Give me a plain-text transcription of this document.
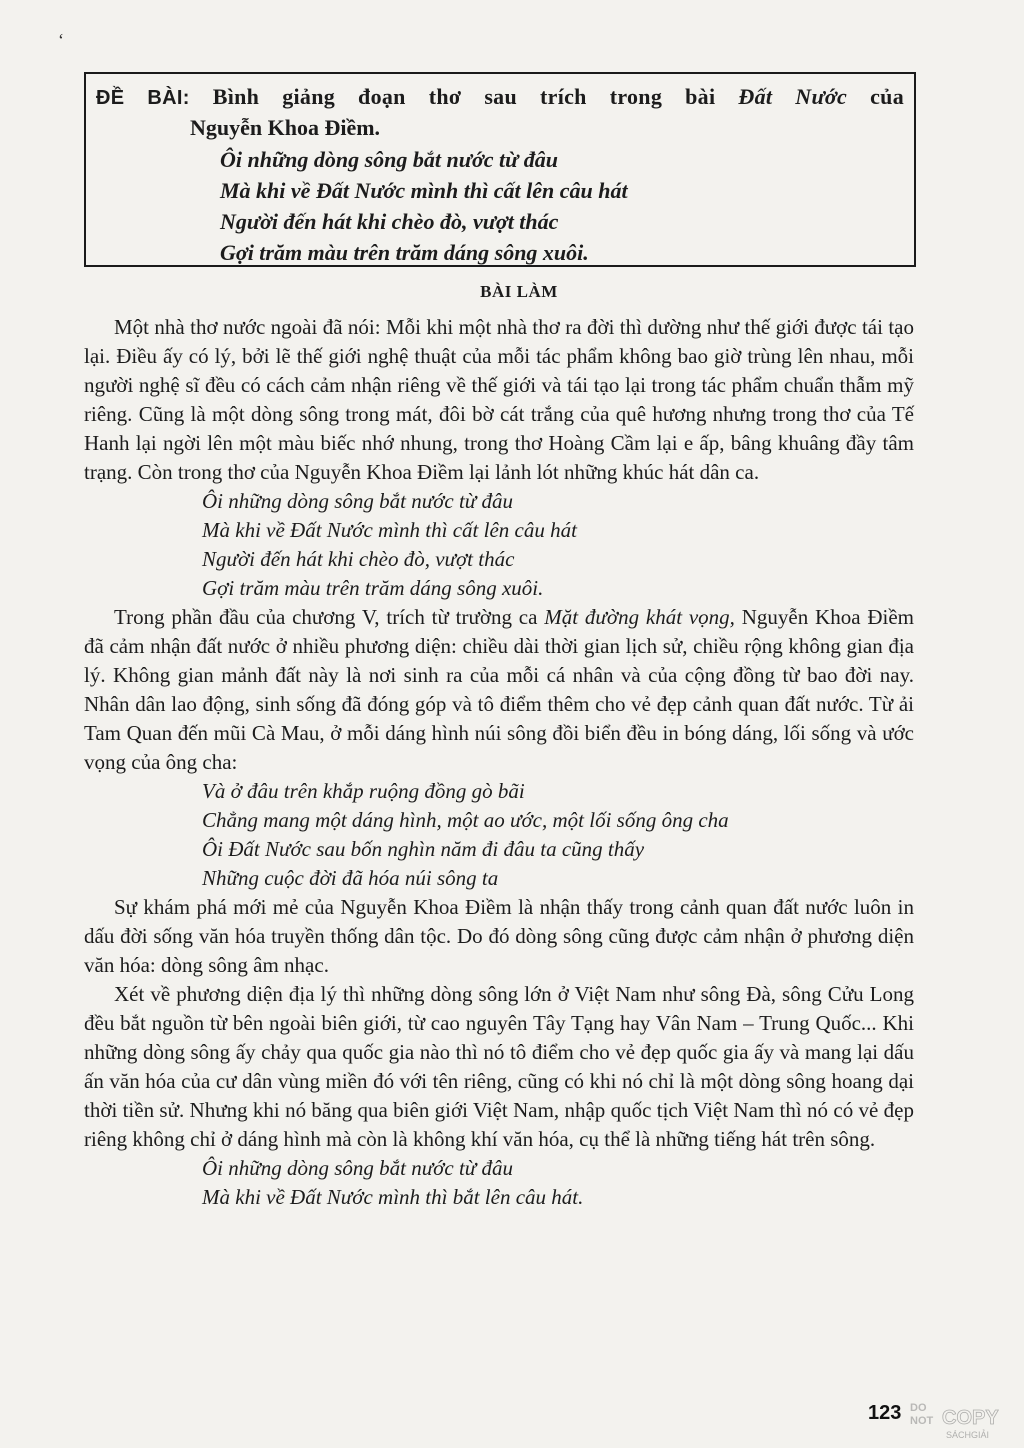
ʻ
ĐỀ BÀI: Bình giảng đoạn thơ sau trích trong bài Đất Nước của
Nguyễn Khoa Điềm.
Ôi những dòng sông bắt nước từ đâu
Mà khi về Đất Nước mình thì cất lên câu hát
Người đến hát khi chèo đò, vượt thác
Gợi trăm màu trên trăm dáng sông xuôi.
BÀI LÀM

Một nhà thơ nước ngoài đã nói: Mỗi khi một nhà thơ ra đời thì dường như thế giới được tái tạo lại. Điều ấy có lý, bởi lẽ thế giới nghệ thuật của mỗi tác phẩm không bao giờ trùng lên nhau, mỗi người nghệ sĩ đều có cách cảm nhận riêng về thế giới và tái tạo lại trong tác phẩm chuẩn thẫm mỹ riêng. Cũng là một dòng sông trong mát, đôi bờ cát trắng của quê hương nhưng trong thơ của Tế Hanh lại ngời lên một màu biếc nhớ nhung, trong thơ Hoàng Cầm lại e ấp, bâng khuâng đầy tâm trạng. Còn trong thơ của Nguyễn Khoa Điềm lại lảnh lót những khúc hát dân ca.

Ôi những dòng sông bắt nước từ đâu
Mà khi về Đất Nước mình thì cất lên câu hát
Người đến hát khi chèo đò, vượt thác
Gợi trăm màu trên trăm dáng sông xuôi.

Trong phần đầu của chương V, trích từ trường ca Mặt đường khát vọng, Nguyễn Khoa Điềm đã cảm nhận đất nước ở nhiều phương diện: chiều dài thời gian lịch sử, chiều rộng không gian địa lý. Không gian mảnh đất này là nơi sinh ra của mỗi cá nhân và của cộng đồng từ bao đời nay. Nhân dân lao động, sinh sống đã đóng góp và tô điểm thêm cho vẻ đẹp cảnh quan đất nước. Từ ải Tam Quan đến mũi Cà Mau, ở mỗi dáng hình núi sông đồi biển đều in bóng dáng, lối sống và ước vọng của ông cha:

Và ở đâu trên khắp ruộng đồng gò bãi
Chẳng mang một dáng hình, một ao ước, một lối sống ông cha
Ôi Đất Nước sau bốn nghìn năm đi đâu ta cũng thấy
Những cuộc đời đã hóa núi sông ta

Sự khám phá mới mẻ của Nguyễn Khoa Điềm là nhận thấy trong cảnh quan đất nước luôn in dấu đời sống văn hóa truyền thống dân tộc. Do đó dòng sông cũng được cảm nhận ở phương diện văn hóa: dòng sông âm nhạc.

Xét về phương diện địa lý thì những dòng sông lớn ở Việt Nam như sông Đà, sông Cửu Long đều bắt nguồn từ bên ngoài biên giới, từ cao nguyên Tây Tạng hay Vân Nam – Trung Quốc... Khi những dòng sông ấy chảy qua quốc gia nào thì nó tô điểm cho vẻ đẹp quốc gia ấy và mang lại dấu ấn văn hóa của cư dân vùng miền đó với tên riêng, cũng có khi nó chỉ là một dòng sông hoang dại thời tiền sử. Nhưng khi nó băng qua biên giới Việt Nam, nhập quốc tịch Việt Nam thì nó có vẻ đẹp riêng không chỉ ở dáng hình mà còn là không khí văn hóa, cụ thể là những tiếng hát trên sông.

Ôi những dòng sông bắt nước từ đâu
Mà khi về Đất Nước mình thì bắt lên câu hát.
123 DO
NOT COPY
SÁCHGIẢI
